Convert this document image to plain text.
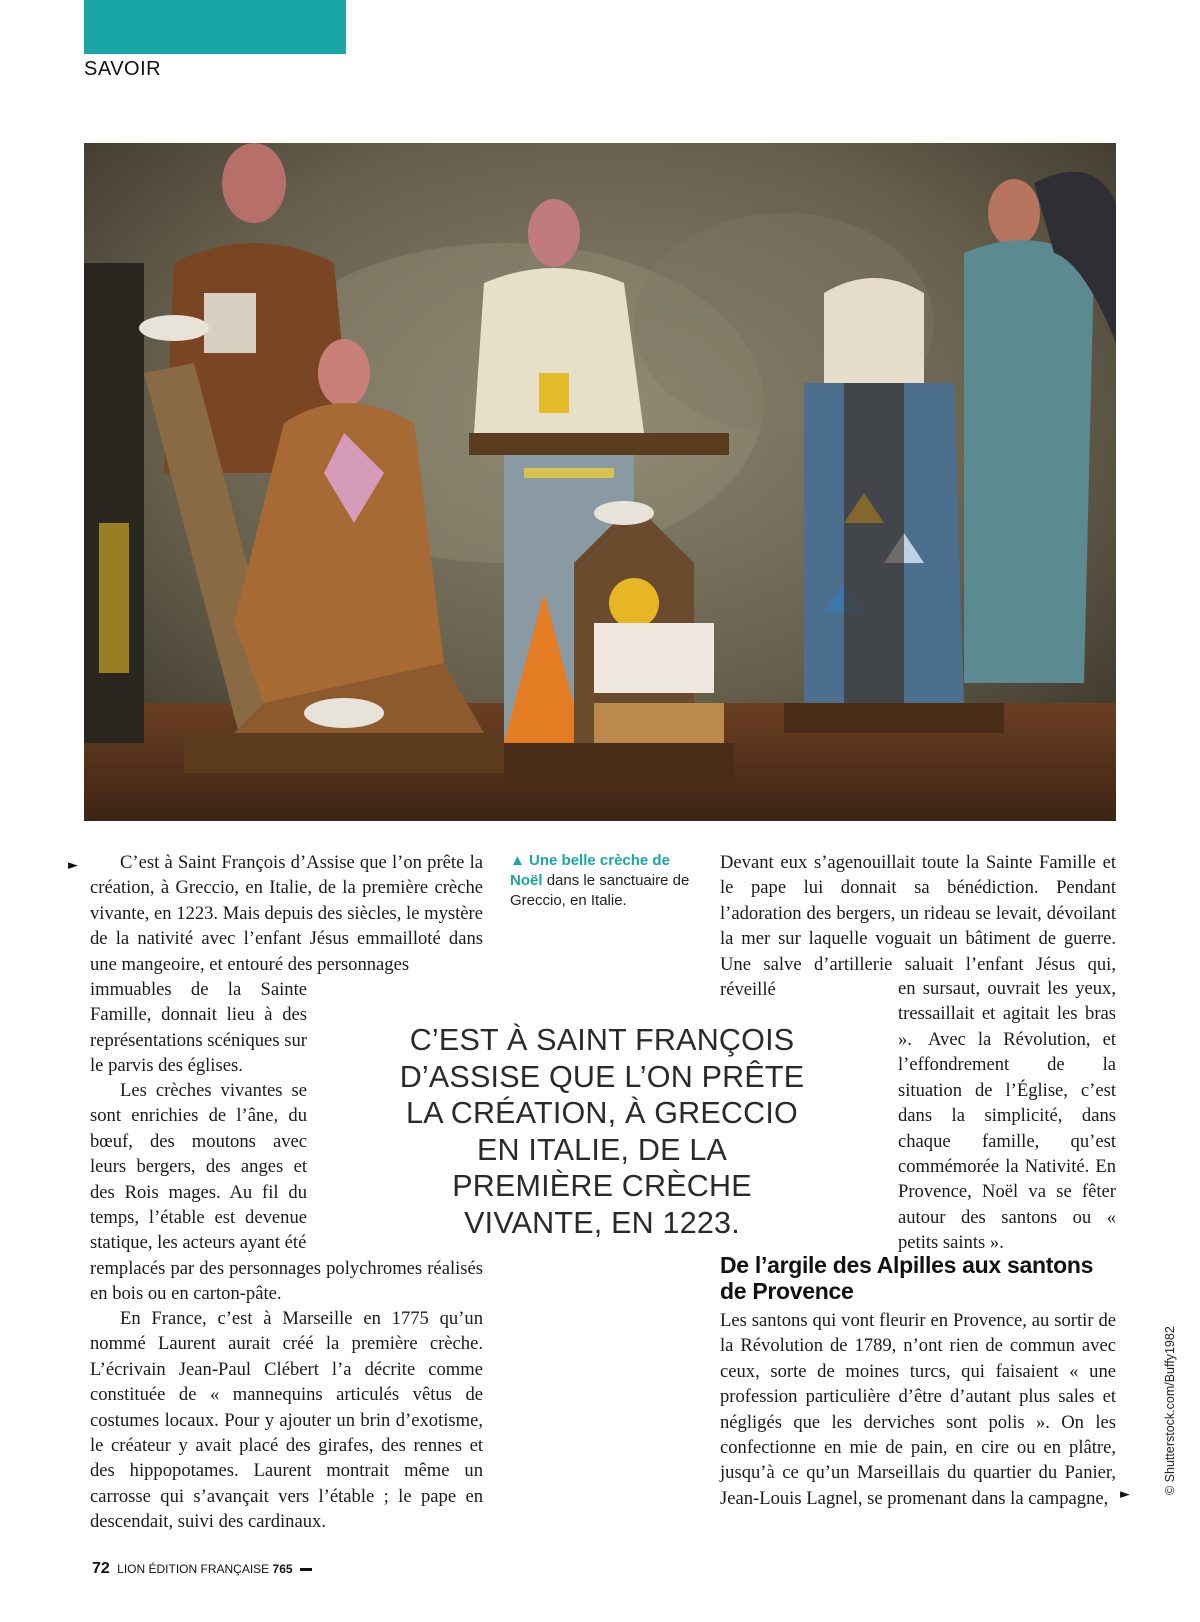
SAVOIR
▲ Une belle crèche de Noël dans le sanctuaire de Greccio, en Italie.
►	C’est à Saint François d’Assise que l’on prête la création, à Greccio, en Italie, de la première crèche vivante, en 1223. Mais depuis des siècles, le mystère de la nativité avec l’enfant Jésus emmailloté dans une mangeoire, et entouré des personnages

immuables de la Sainte Famille, donnait lieu à des représentations scéniques sur le parvis des églises.

Les crèches vivantes se sont enrichies de l’âne, du bœuf, des moutons avec leurs bergers, des anges et des Rois mages. Au fil du temps, l’étable est devenue statique, les acteurs ayant été

remplacés par des personnages polychromes réalisés en bois ou en carton-pâte.

En France, c’est à Marseille en 1775 qu’un nommé Laurent aurait créé la première crèche. L’écrivain Jean-Paul Clébert l’a décrite comme constituée de « mannequins articulés vêtus de costumes locaux. Pour y ajouter un brin d’exotisme, le créateur y avait placé des girafes, des rennes et des hippopotames. Laurent montrait même un carrosse qui s’avançait vers l’étable ; le pape en descendait, suivi des cardinaux.

C’EST À SAINT FRANÇOIS D’ASSISE QUE L’ON PRÊTE LA CRÉATION, À GRECCIO EN ITALIE, DE LA PREMIÈRE CRÈCHE VIVANTE, EN 1223.

Devant eux s’agenouillait toute la Sainte Famille et le pape lui donnait sa bénédiction. Pendant l’adoration des bergers, un rideau se levait, dévoilant la mer sur laquelle voguait un bâtiment de guerre. Une salve d’artillerie saluait l’enfant Jésus qui, réveillé	en sursaut, ouvrait les yeux, tressaillait et agitait les bras ». Avec la Révolution, et l’effondrement de la situation de l’Église, c’est dans la simplicité, dans chaque famille, qu’est commémorée la Nativité. En Provence, Noël va se fêter autour des santons ou « petits saints ».

De l’argile des Alpilles aux santons de Provence

Les santons qui vont fleurir en Provence, au sortir de la Révolution de 1789, n’ont rien de commun avec ceux, sorte de moines turcs, qui faisaient « une profession particulière d’être d’autant plus sales et négligés que les derviches sont polis ». On les confectionne en mie de pain, en cire ou en plâtre, jusqu’à ce qu’un Marseillais du quartier du Panier, Jean-Louis Lagnel, se promenant dans la campagne, ►	© Shutterstock.com/Buffy1982
72 LION ÉDITION FRANÇAISE 765
